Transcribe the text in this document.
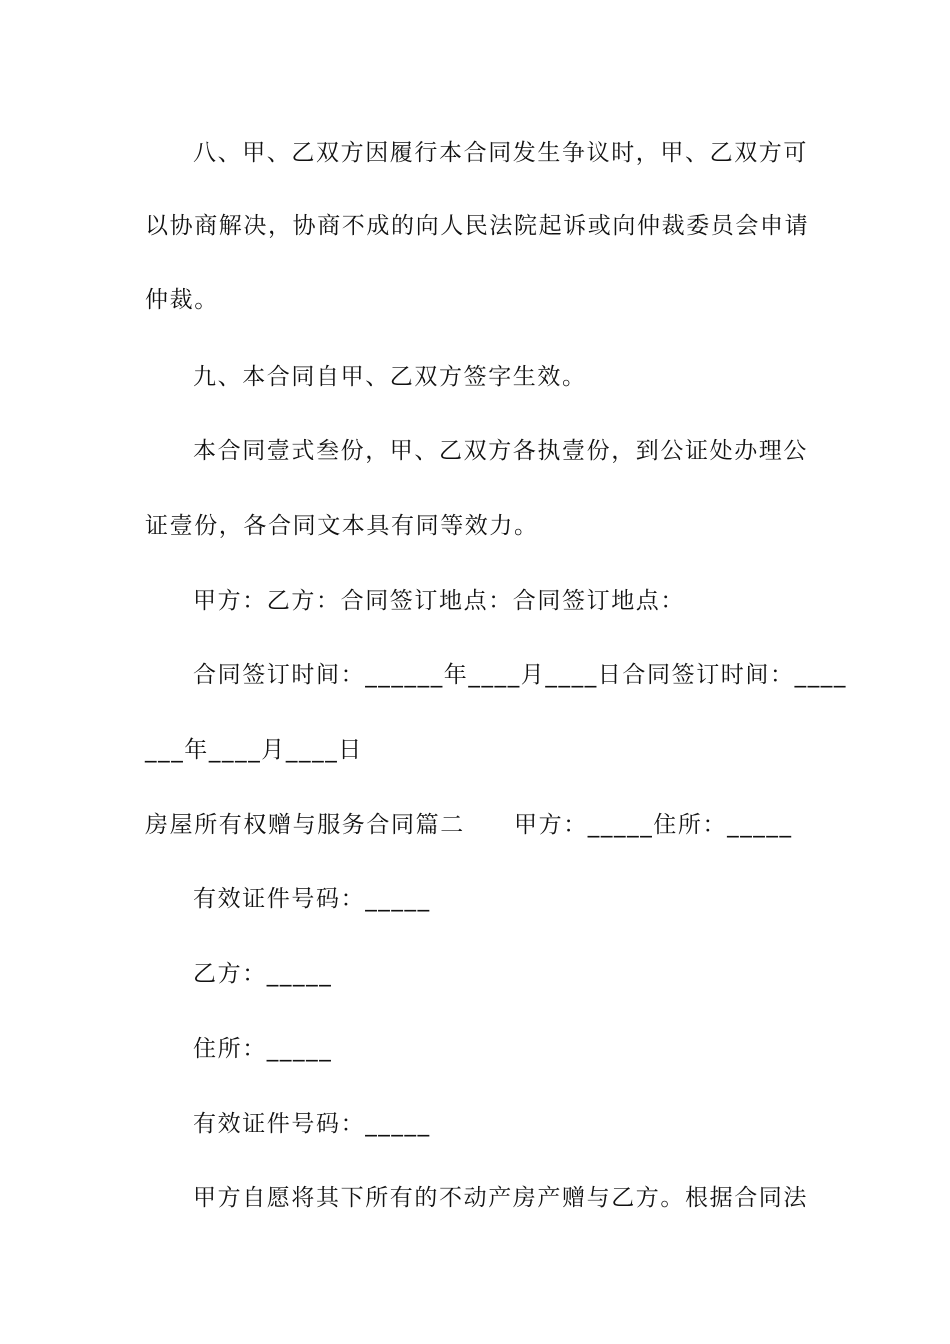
八、甲、乙双方因履行本合同发生争议时，甲、乙双方可

以协商解决，协商不成的向人民法院起诉或向仲裁委员会申请

仲裁。

九、本合同自甲、乙双方签字生效。

本合同壹式叁份，甲、乙双方各执壹份，到公证处办理公

证壹份，各合同文本具有同等效力。

甲方：乙方：合同签订地点：合同签订地点：

合同签订时间：______年____月____日合同签订时间：____

___年____月____日

房屋所有权赠与服务合同篇二　　甲方：_____住所：_____

有效证件号码：_____

乙方：_____

住所：_____

有效证件号码：_____

甲方自愿将其下所有的不动产房产赠与乙方。根据合同法
